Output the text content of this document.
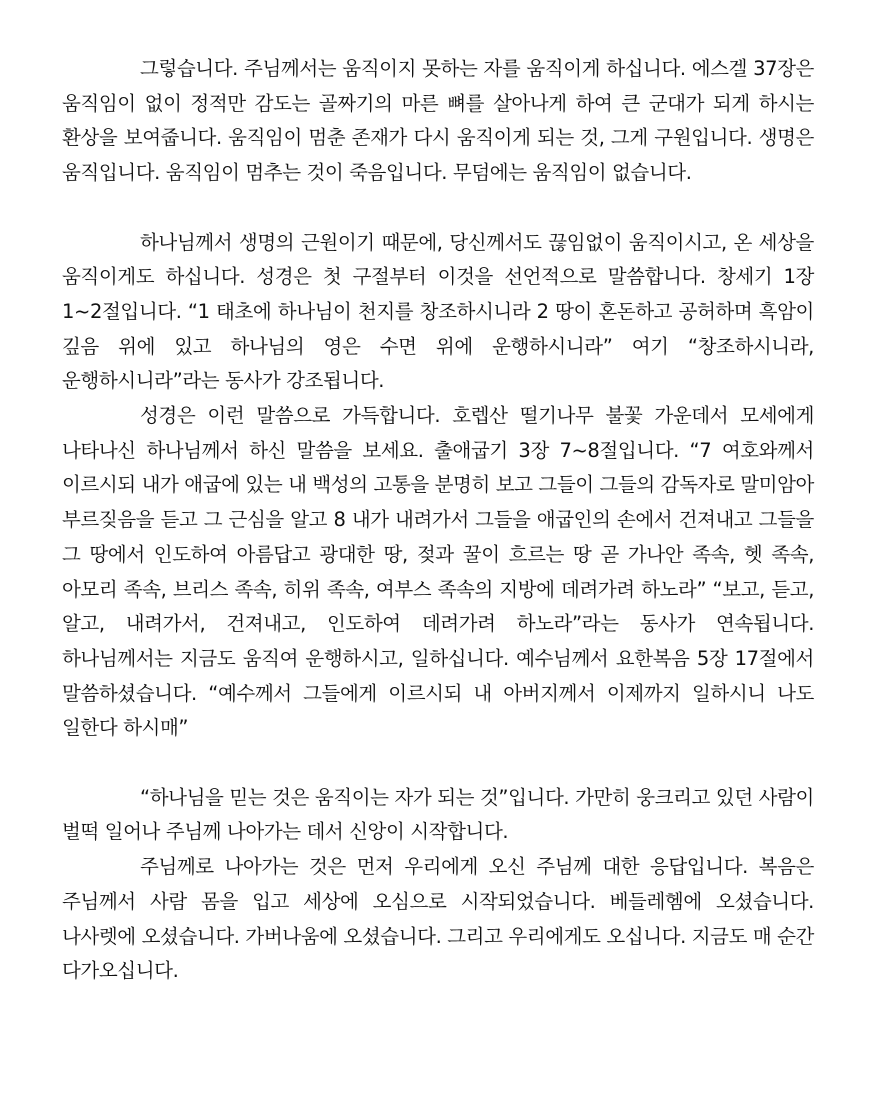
그렇습니다. 주님께서는 움직이지 못하는 자를 움직이게 하십니다. 에스겔 37장은 움직임이 없이 정적만 감도는 골짜기의 마른 뼈를 살아나게 하여 큰 군대가 되게 하시는 환상을 보여줍니다. 움직임이 멈춘 존재가 다시 움직이게 되는 것, 그게 구원입니다. 생명은 움직입니다. 움직임이 멈추는 것이 죽음입니다. 무덤에는 움직임이 없습니다.

하나님께서 생명의 근원이기 때문에, 당신께서도 끊임없이 움직이시고, 온 세상을 움직이게도 하십니다. 성경은 첫 구절부터 이것을 선언적으로 말씀합니다. 창세기 1장 1~2절입니다. “1 태초에 하나님이 천지를 창조하시니라 2 땅이 혼돈하고 공허하며 흑암이 깊음 위에 있고 하나님의 영은 수면 위에 운행하시니라” 여기 “창조하시니라, 운행하시니라”라는 동사가 강조됩니다.

성경은 이런 말씀으로 가득합니다. 호렙산 떨기나무 불꽃 가운데서 모세에게 나타나신 하나님께서 하신 말씀을 보세요. 출애굽기 3장 7~8절입니다. “7 여호와께서 이르시되 내가 애굽에 있는 내 백성의 고통을 분명히 보고 그들이 그들의 감독자로 말미암아 부르짖음을 듣고 그 근심을 알고 8 내가 내려가서 그들을 애굽인의 손에서 건져내고 그들을 그 땅에서 인도하여 아름답고 광대한 땅, 젖과 꿀이 흐르는 땅 곧 가나안 족속, 헷 족속, 아모리 족속, 브리스 족속, 히위 족속, 여부스 족속의 지방에 데려가려 하노라” “보고, 듣고, 알고, 내려가서, 건져내고, 인도하여 데려가려 하노라”라는 동사가 연속됩니다. 하나님께서는 지금도 움직여 운행하시고, 일하십니다. 예수님께서 요한복음 5장 17절에서 말씀하셨습니다. “예수께서 그들에게 이르시되 내 아버지께서 이제까지 일하시니 나도 일한다 하시매”

“하나님을 믿는 것은 움직이는 자가 되는 것”입니다. 가만히 웅크리고 있던 사람이 벌떡 일어나 주님께 나아가는 데서 신앙이 시작합니다.

주님께로 나아가는 것은 먼저 우리에게 오신 주님께 대한 응답입니다. 복음은 주님께서 사람 몸을 입고 세상에 오심으로 시작되었습니다. 베들레헴에 오셨습니다. 나사렛에 오셨습니다. 가버나움에 오셨습니다. 그리고 우리에게도 오십니다. 지금도 매 순간 다가오십니다.
